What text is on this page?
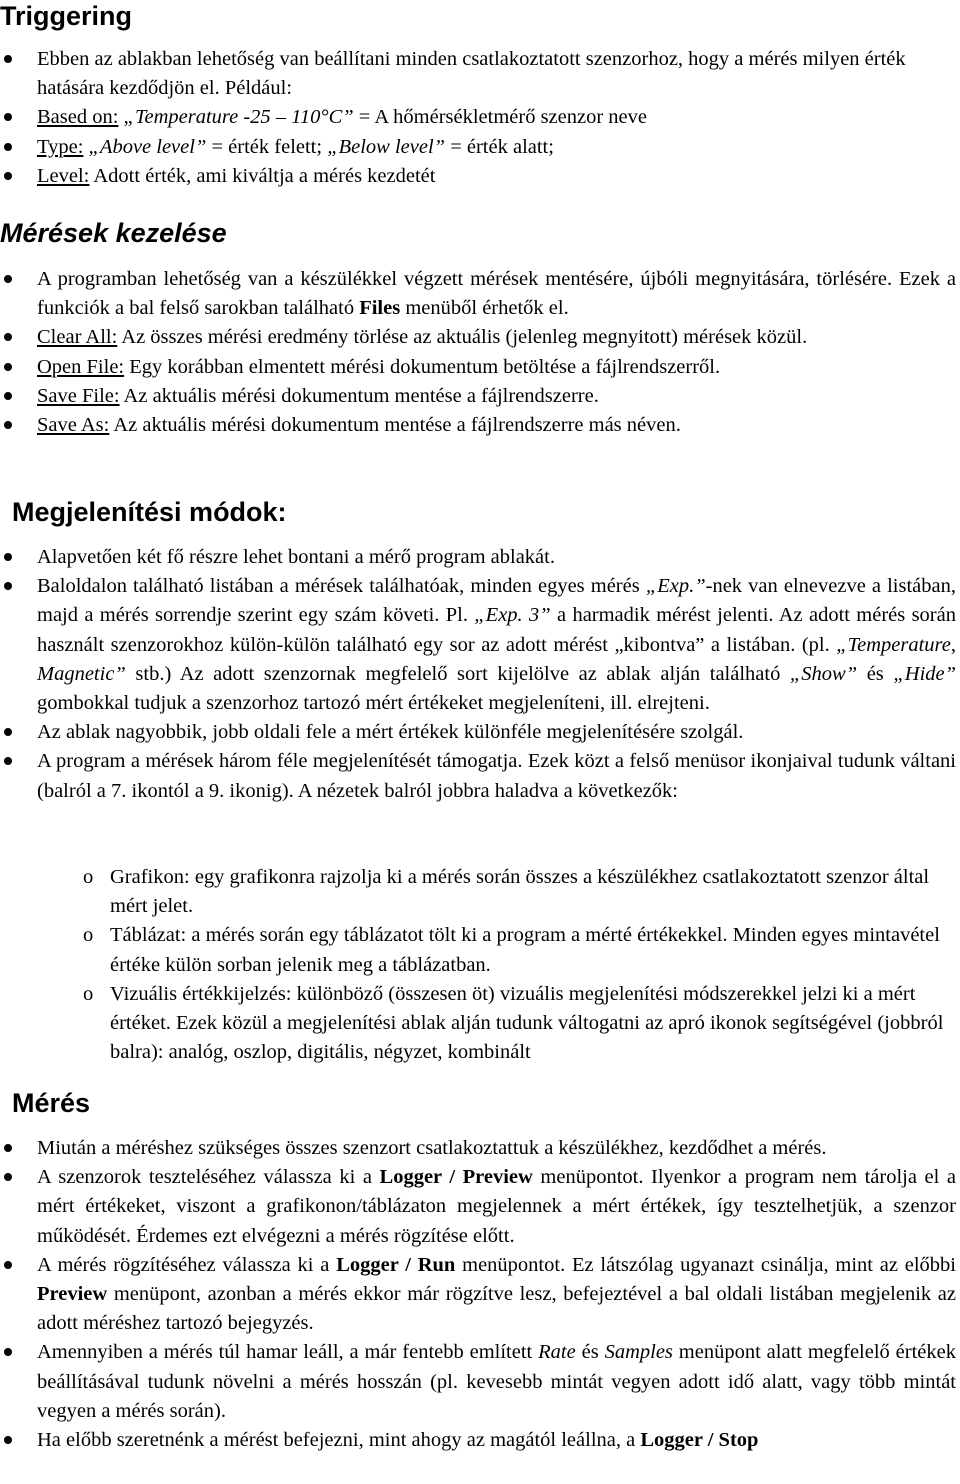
Triggering
Ebben az ablakban lehetőség van beállítani minden csatlakoztatott szenzorhoz, hogy a mérés milyen érték hatására kezdődjön el. Például:
Based on: „Temperature -25 – 110°C” = A hőmérsékletmérő szenzor neve
Type: „Above level” = érték felett; „Below level” = érték alatt;
Level: Adott érték, ami kiváltja a mérés kezdetét
Mérések kezelése
A programban lehetőség van a készülékkel végzett mérések mentésére, újbóli megnyitására, törlésére. Ezek a funkciók a bal felső sarokban található Files menüből érhetők el.
Clear All: Az összes mérési eredmény törlése az aktuális (jelenleg megnyitott) mérések közül.
Open File: Egy korábban elmentett mérési dokumentum betöltése a fájlrendszerről.
Save File: Az aktuális mérési dokumentum mentése a fájlrendszerre.
Save As: Az aktuális mérési dokumentum mentése a fájlrendszerre más néven.
Megjelenítési módok:
Alapvetően két fő részre lehet bontani a mérő program ablakát.
Baloldalon található listában a mérések találhatóak, minden egyes mérés „Exp.”-nek van elnevezve a listában, majd a mérés sorrendje szerint egy szám követi. Pl. „Exp. 3” a harmadik mérést jelenti. Az adott mérés során használt szenzorokhoz külön-külön található egy sor az adott mérést „kibontva” a listában. (pl. „Temperature, Magnetic” stb.) Az adott szenzornak megfelelő sort kijelölve az ablak alján található „Show” és „Hide” gombokkal tudjuk a szenzorhoz tartozó mért értékeket megjeleníteni, ill. elrejteni.
Az ablak nagyobbik, jobb oldali fele a mért értékek különféle megjelenítésére szolgál.
A program a mérések három féle megjelenítését támogatja. Ezek közt a felső menüsor ikonjaival tudunk váltani (balról a 7. ikontól a 9. ikonig). A nézetek balról jobbra haladva a következők:
o Grafikon: egy grafikonra rajzolja ki a mérés során összes a készülékhez csatlakoztatott szenzor által mért jelet.
o Táblázat: a mérés során egy táblázatot tölt ki a program a mérté értékekkel. Minden egyes mintavétel értéke külön sorban jelenik meg a táblázatban.
o Vizuális értékkijelzés: különböző (összesen öt) vizuális megjelenítési módszerekkel jelzi ki a mért értéket. Ezek közül a megjelenítési ablak alján tudunk váltogatni az apró ikonok segítségével (jobbról balra): analóg, oszlop, digitális, négyzet, kombinált
Mérés
Miután a méréshez szükséges összes szenzort csatlakoztattuk a készülékhez, kezdődhet a mérés.
A szenzorok teszteléséhez válassza ki a Logger / Preview menüpontot. Ilyenkor a program nem tárolja el a mért értékeket, viszont a grafikonon/táblázaton megjelennek a mért értékek, így tesztelhetjük, a szenzor működését. Érdemes ezt elvégezni a mérés rögzítése előtt.
A mérés rögzítéséhez válassza ki a Logger / Run menüpontot. Ez látszólag ugyanazt csinálja, mint az előbbi Preview menüpont, azonban a mérés ekkor már rögzítve lesz, befejeztével a bal oldali listában megjelenik az adott méréshez tartozó bejegyzés.
Amennyiben a mérés túl hamar leáll, a már fentebb említett Rate és Samples menüpont alatt megfelelő értékek beállításával tudunk növelni a mérés hosszán (pl. kevesebb mintát vegyen adott idő alatt, vagy több mintát vegyen a mérés során).
Ha előbb szeretnénk a mérést befejezni, mint ahogy az magától leállna, a Logger / Stop
